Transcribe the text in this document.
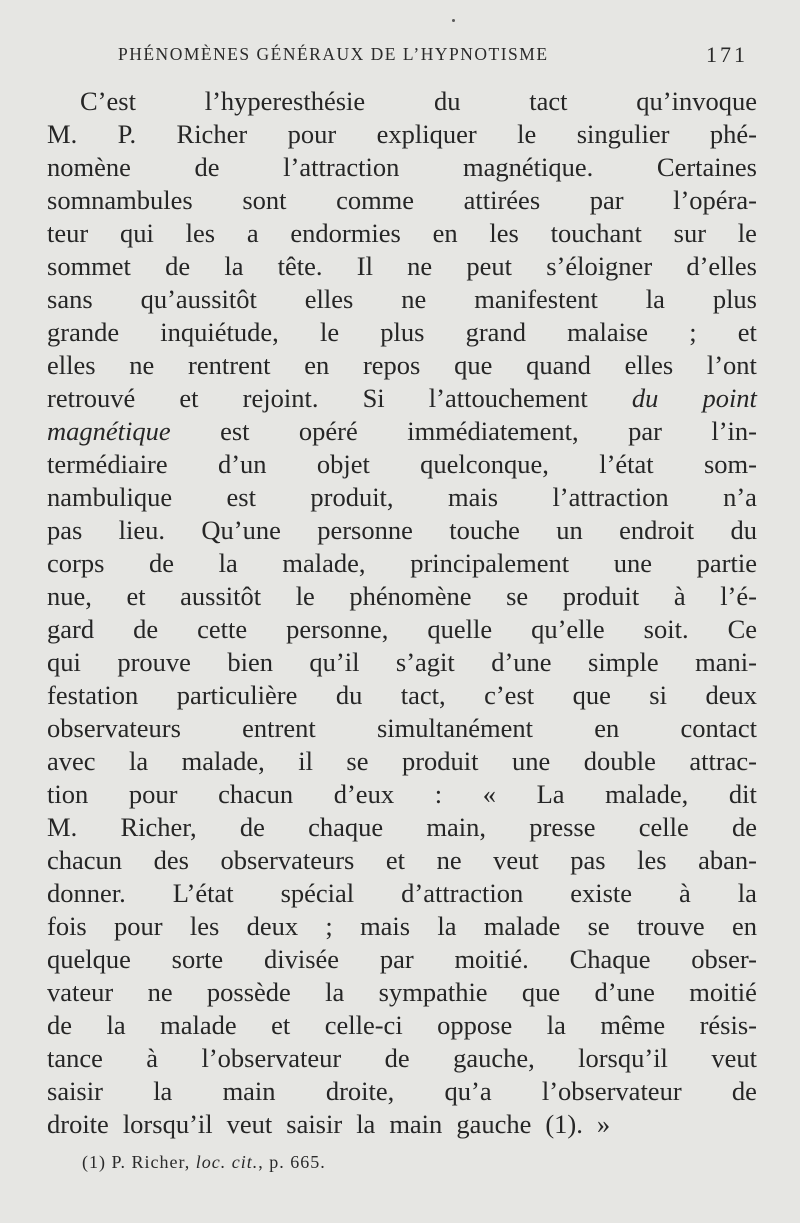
PHÉNOMÈNES GÉNÉRAUX DE L’HYPNOTISME	171
C’est	l’hyperesthésie	du	tact	qu’invoque
M. P. Richer pour expliquer le singulier phé-
nomène de l’attraction magnétique. Certaines
somnambules sont comme attirées par l’opéra-
teur qui les a endormies en les touchant sur le
sommet de la tête. Il ne peut s’éloigner d’elles
sans qu’aussitôt elles ne manifestent la plus
grande inquiétude, le plus grand malaise ; et
elles ne rentrent en repos que quand elles l’ont
retrouvé et rejoint. Si l’attouchement du point
magnétique est opéré immédiatement, par l’in-
termédiaire d’un objet quelconque, l’état som-
nambulique est produit, mais l’attraction n’a
pas lieu. Qu’une personne touche un endroit du
corps de la malade, principalement une partie
nue, et aussitôt le phénomène se produit à l’é-
gard de cette personne, quelle qu’elle soit. Ce
qui prouve bien qu’il s’agit d’une simple mani-
festation particulière du tact, c’est que si deux
observateurs entrent simultanément en contact
avec la malade, il se produit une double attrac-
tion pour chacun d’eux : « La malade, dit
M. Richer, de chaque main, presse celle de
chacun des observateurs et ne veut pas les aban-
donner. L’état spécial d’attraction existe à la
fois pour les deux ; mais la malade se trouve en
quelque sorte divisée par moitié. Chaque obser-
vateur ne possède la sympathie que d’une moitié
de la malade et celle-ci oppose la même résis-
tance à l’observateur de gauche, lorsqu’il veut
saisir la main droite, qu’a l’observateur de
droite lorsqu’il veut saisir la main gauche (1). »
(1) P. Richer, loc. cit., p. 665.
